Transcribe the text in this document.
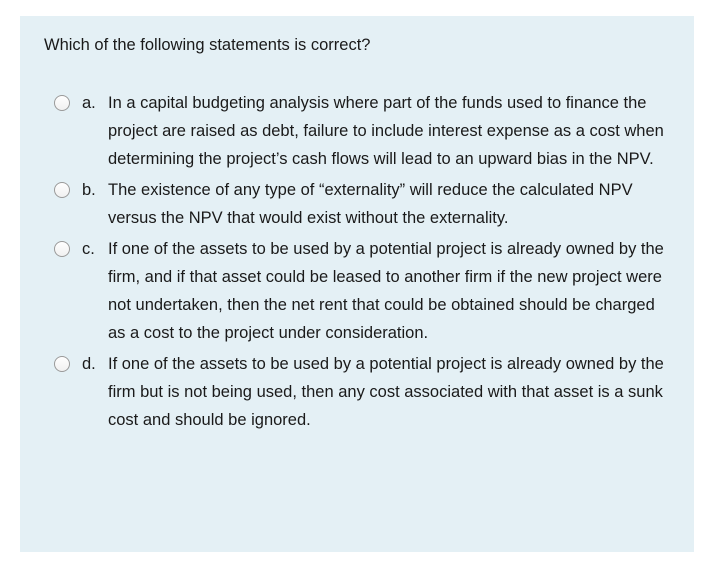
Which of the following statements is correct?
a. In a capital budgeting analysis where part of the funds used to finance the project are raised as debt, failure to include interest expense as a cost when determining the project’s cash flows will lead to an upward bias in the NPV.
b. The existence of any type of “externality” will reduce the calculated NPV versus the NPV that would exist without the externality.
c. If one of the assets to be used by a potential project is already owned by the firm, and if that asset could be leased to another firm if the new project were not undertaken, then the net rent that could be obtained should be charged as a cost to the project under consideration.
d. If one of the assets to be used by a potential project is already owned by the firm but is not being used, then any cost associated with that asset is a sunk cost and should be ignored.
